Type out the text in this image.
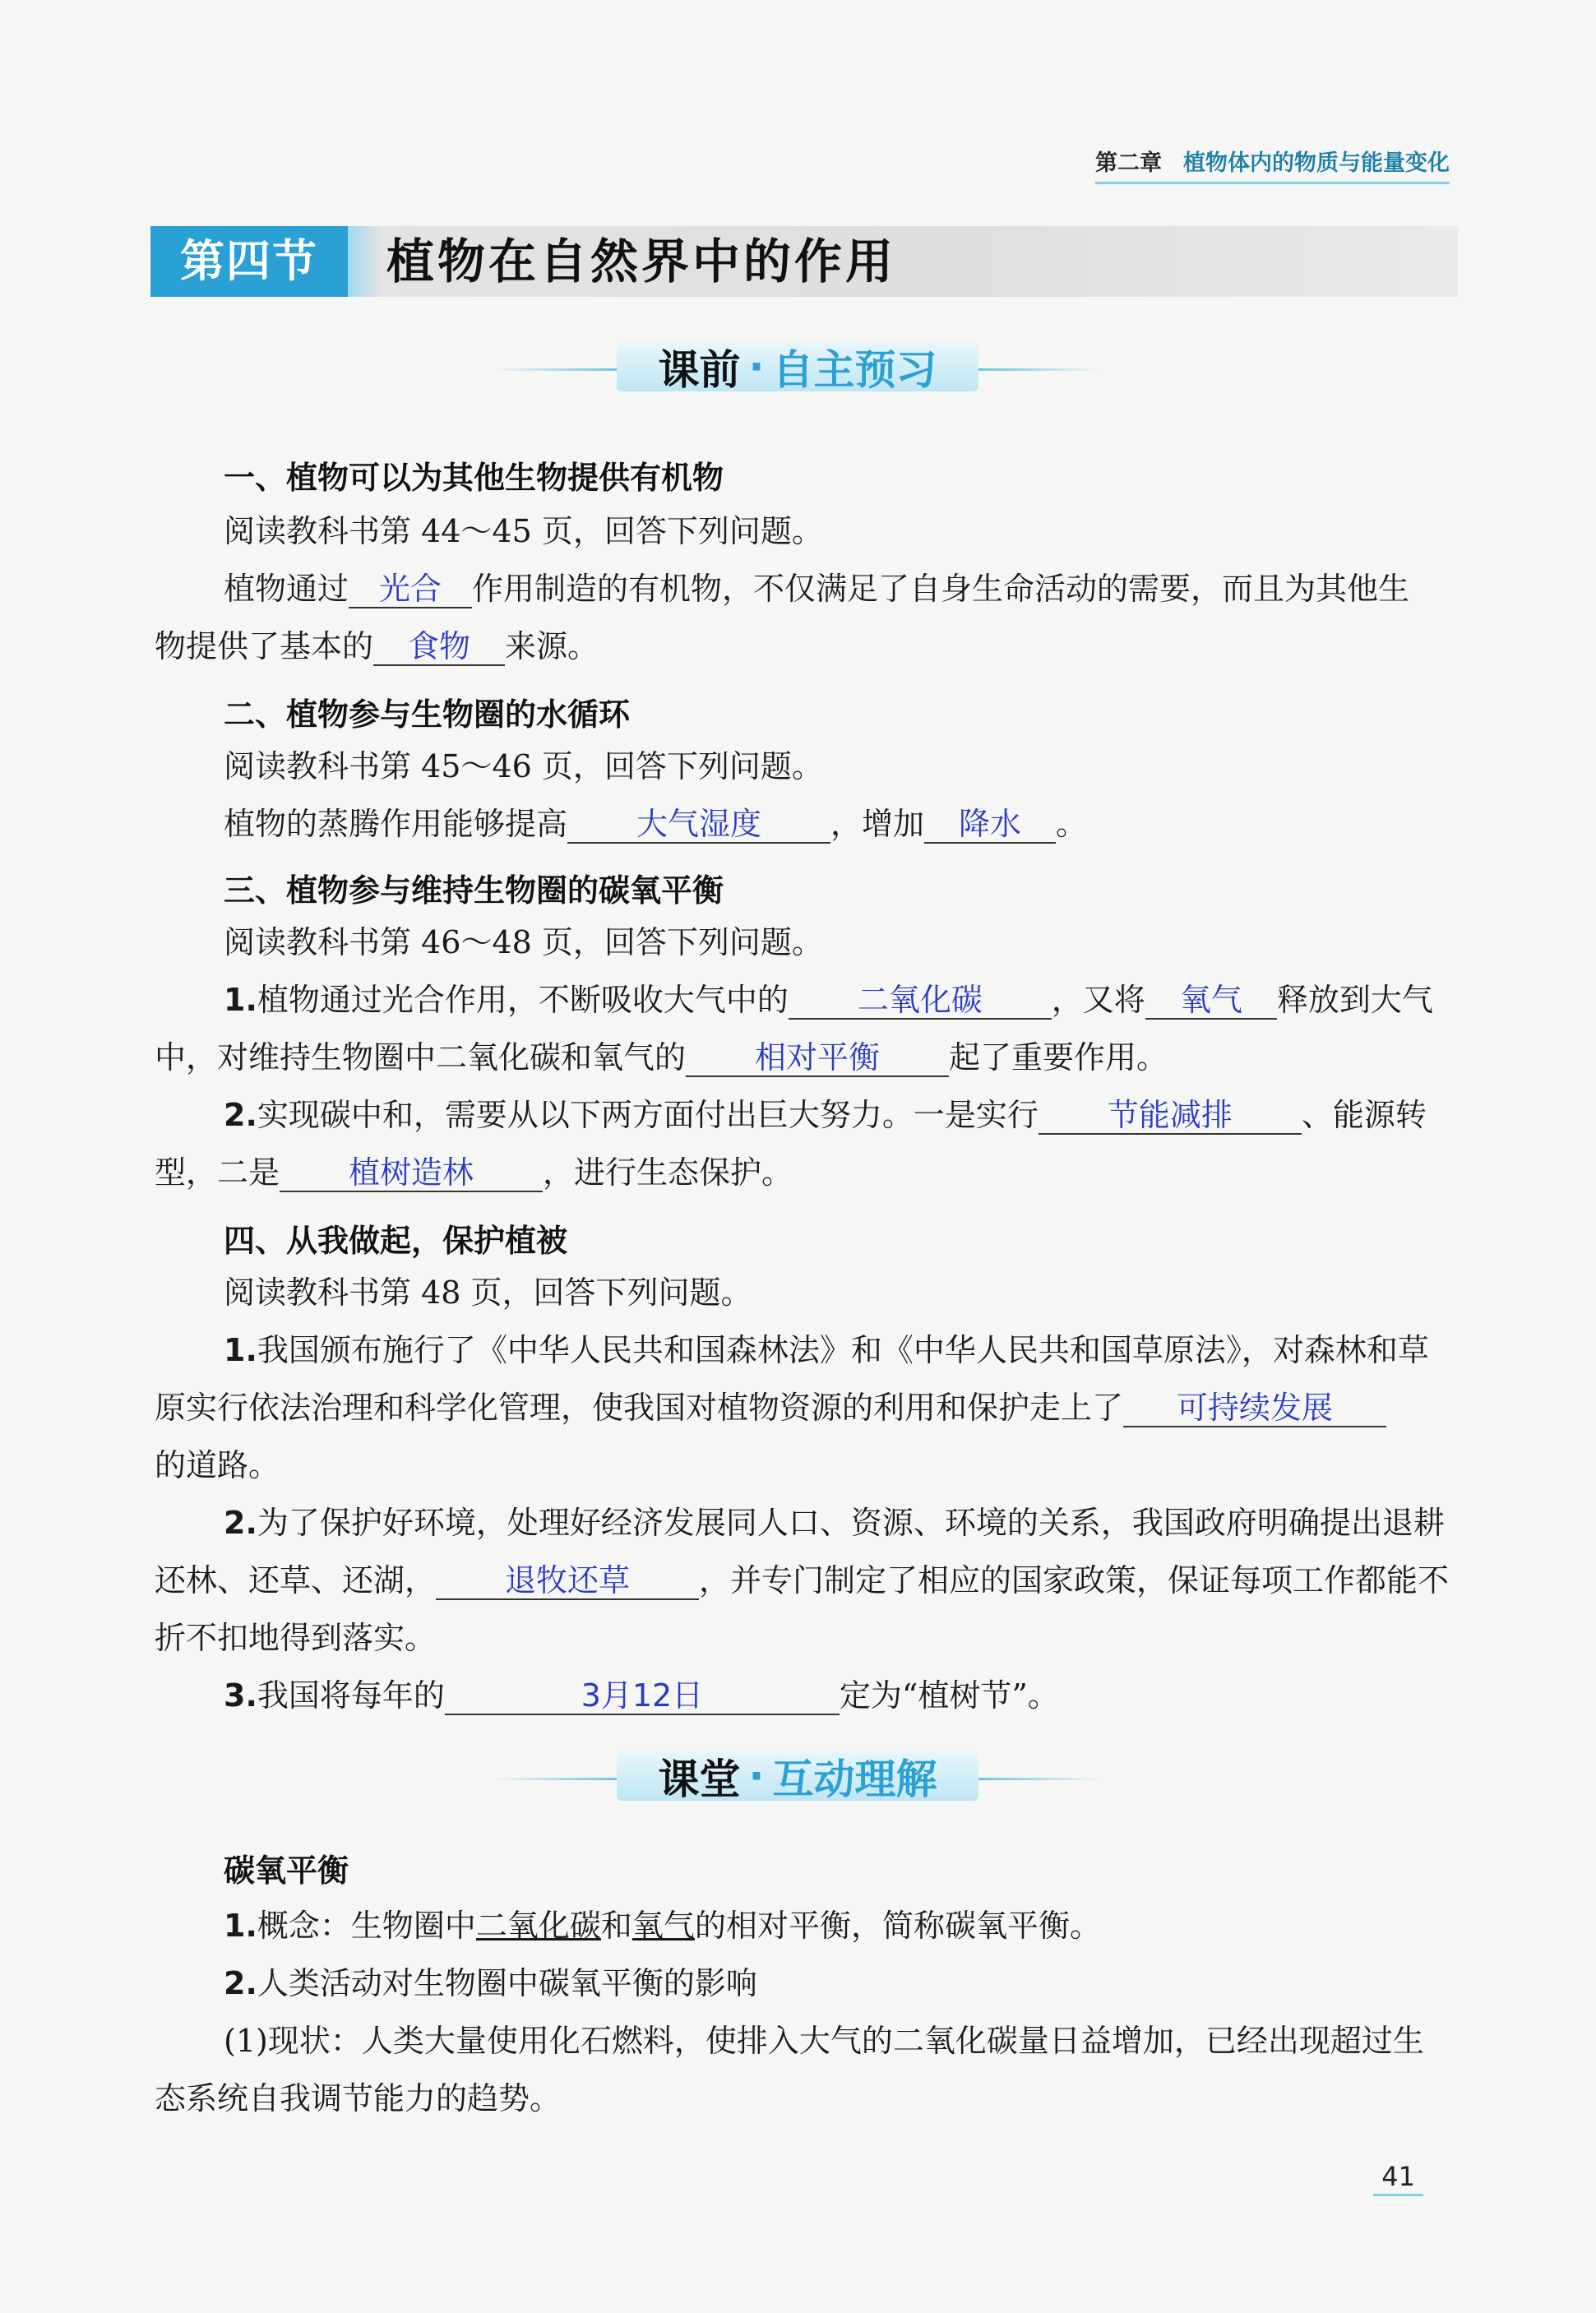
第二章 植物体内的物质与能量变化
第四节	植物在自然界中的作用
课前 · 自主预习
一、植物可以为其他生物提供有机物
阅读教科书第 44～45 页，回答下列问题。
植物通过 光合 作用制造的有机物，不仅满足了自身生命活动的需要，而且为其他生
物提供了基本的 食物 来源。
二、植物参与生物圈的水循环
阅读教科书第 45～46 页，回答下列问题。
植物的蒸腾作用能够提高 大气湿度 ，增加 降水 。
三、植物参与维持生物圈的碳氧平衡
阅读教科书第 46～48 页，回答下列问题。
1.植物通过光合作用，不断吸收大气中的 二氧化碳 ，又将 氧气 释放到大气
中，对维持生物圈中二氧化碳和氧气的 相对平衡 起了重要作用。
2.实现碳中和，需要从以下两方面付出巨大努力。一是实行 节能减排 、能源转
型，二是 植树造林 ，进行生态保护。
四、从我做起，保护植被
阅读教科书第 48 页，回答下列问题。
1.我国颁布施行了《中华人民共和国森林法》和《中华人民共和国草原法》，对森林和草
原实行依法治理和科学化管理，使我国对植物资源的利用和保护走上了 可持续发展
的道路。
2.为了保护好环境，处理好经济发展同人口、资源、环境的关系，我国政府明确提出退耕
还林、还草、还湖， 退牧还草 ，并专门制定了相应的国家政策，保证每项工作都能不
折不扣地得到落实。
3.我国将每年的	3月12日	定为“植树节”。
课堂 · 互动理解
碳氧平衡
1.概念：生物圈中二氧化碳和氧气的相对平衡，简称碳氧平衡。
2.人类活动对生物圈中碳氧平衡的影响
(1)现状：人类大量使用化石燃料，使排入大气的二氧化碳量日益增加，已经出现超过生
态系统自我调节能力的趋势。
41
